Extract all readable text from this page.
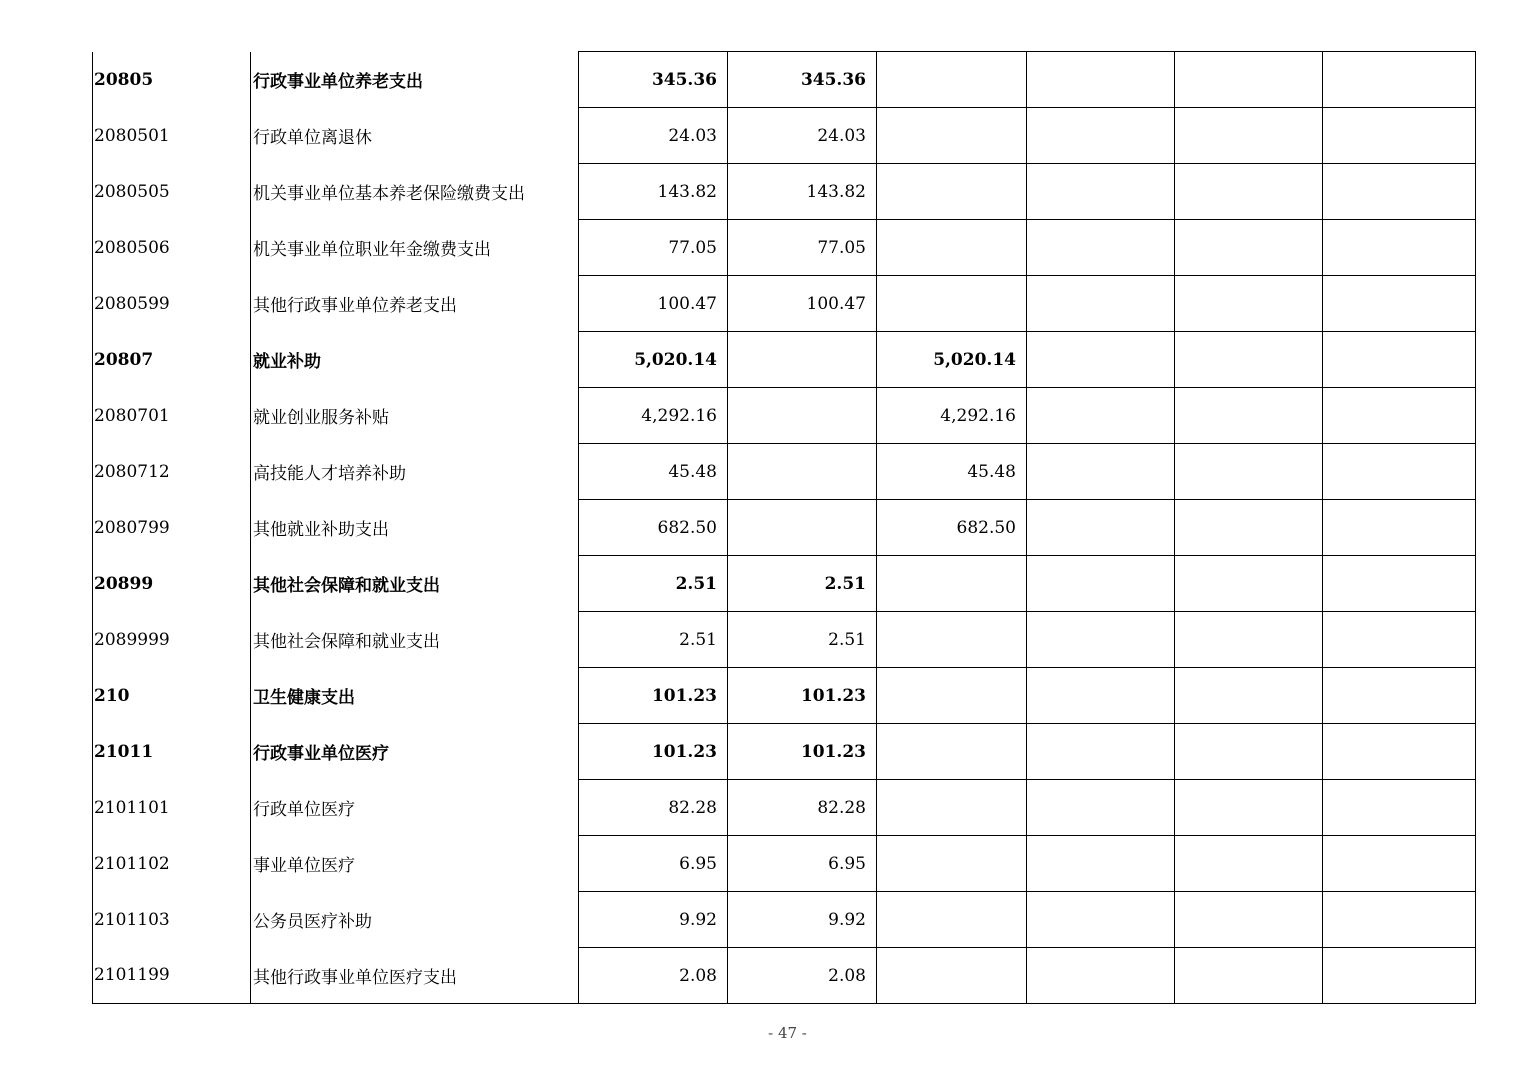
20805	行政事业单位养老支出	345.36	345.36				
2080501	行政单位离退休	24.03	24.03				
2080505	机关事业单位基本养老保险缴费支出	143.82	143.82				
2080506	机关事业单位职业年金缴费支出	77.05	77.05				
2080599	其他行政事业单位养老支出	100.47	100.47				
20807	就业补助	5,020.14		5,020.14			
2080701	就业创业服务补贴	4,292.16		4,292.16			
2080712	高技能人才培养补助	45.48		45.48			
2080799	其他就业补助支出	682.50		682.50			
20899	其他社会保障和就业支出	2.51	2.51				
2089999	其他社会保障和就业支出	2.51	2.51				
210	卫生健康支出	101.23	101.23				
21011	行政事业单位医疗	101.23	101.23				
2101101	行政单位医疗	82.28	82.28				
2101102	事业单位医疗	6.95	6.95				
2101103	公务员医疗补助	9.92	9.92				
2101199	其他行政事业单位医疗支出	2.08	2.08				
- 47 -
